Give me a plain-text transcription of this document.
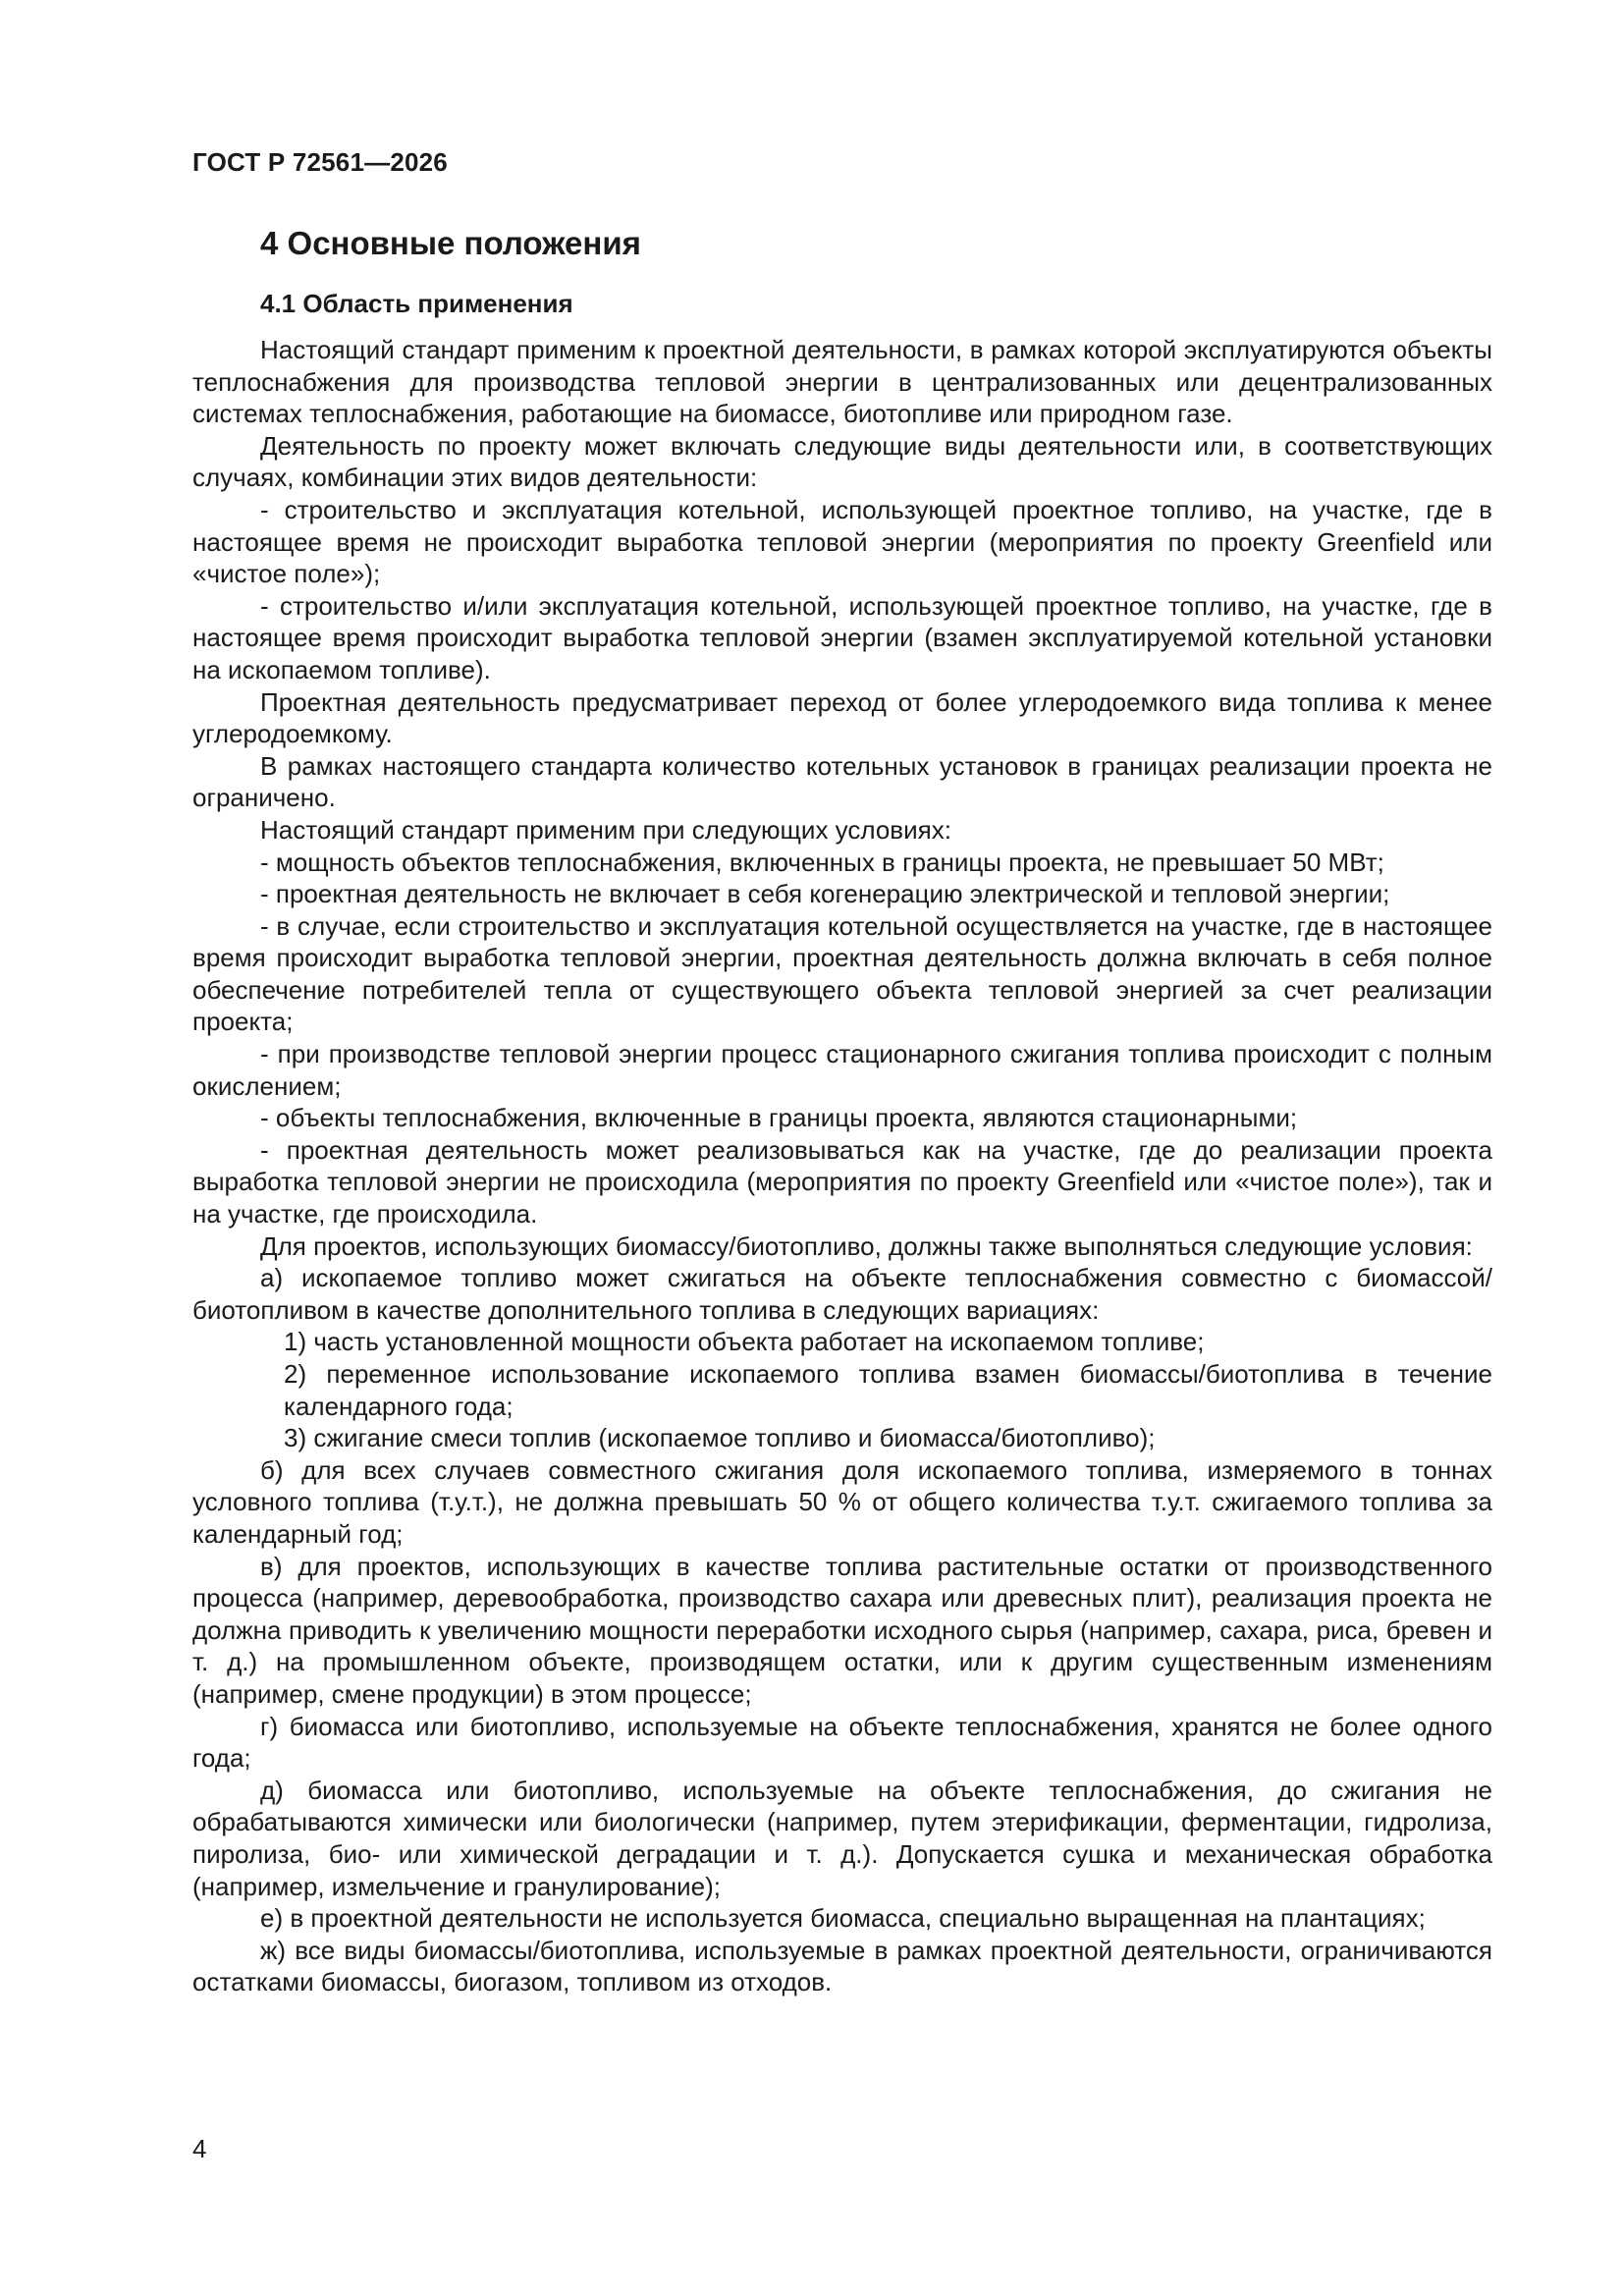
ГОСТ Р 72561—2026
4 Основные положения
4.1 Область применения

Настоящий стандарт применим к проектной деятельности, в рамках которой эксплуатируются объекты теплоснабжения для производства тепловой энергии в централизованных или децентрализованных системах теплоснабжения, работающие на биомассе, биотопливе или природном газе.

Деятельность по проекту может включать следующие виды деятельности или, в соответствующих случаях, комбинации этих видов деятельности:

- строительство и эксплуатация котельной, использующей проектное топливо, на участке, где в настоящее время не происходит выработка тепловой энергии (мероприятия по проекту Greenfield или «чистое поле»);

- строительство и/или эксплуатация котельной, использующей проектное топливо, на участке, где в настоящее время происходит выработка тепловой энергии (взамен эксплуатируемой котельной установки на ископаемом топливе).

Проектная деятельность предусматривает переход от более углеродоемкого вида топлива к менее углеродоемкому.

В рамках настоящего стандарта количество котельных установок в границах реализации проекта не ограничено.

Настоящий стандарт применим при следующих условиях:

- мощность объектов теплоснабжения, включенных в границы проекта, не превышает 50 МВт;

- проектная деятельность не включает в себя когенерацию электрической и тепловой энергии;

- в случае, если строительство и эксплуатация котельной осуществляется на участке, где в настоящее время происходит выработка тепловой энергии, проектная деятельность должна включать в себя полное обеспечение потребителей тепла от существующего объекта тепловой энергией за счет реализации проекта;

- при производстве тепловой энергии процесс стационарного сжигания топлива происходит с полным окислением;

- объекты теплоснабжения, включенные в границы проекта, являются стационарными;

- проектная деятельность может реализовываться как на участке, где до реализации проекта выработка тепловой энергии не происходила (мероприятия по проекту Greenfield или «чистое поле»), так и на участке, где происходила.

Для проектов, использующих биомассу/биотопливо, должны также выполняться следующие условия:

а) ископаемое топливо может сжигаться на объекте теплоснабжения совместно с биомассой/ биотопливом в качестве дополнительного топлива в следующих вариациях:

1) часть установленной мощности объекта работает на ископаемом топливе;

2) переменное использование ископаемого топлива взамен биомассы/биотоплива в течение календарного года;

3) сжигание смеси топлив (ископаемое топливо и биомасса/биотопливо);

б) для всех случаев совместного сжигания доля ископаемого топлива, измеряемого в тоннах условного топлива (т.у.т.), не должна превышать 50 % от общего количества т.у.т. сжигаемого топлива за календарный год;

в) для проектов, использующих в качестве топлива растительные остатки от производственного процесса (например, деревообработка, производство сахара или древесных плит), реализация проекта не должна приводить к увеличению мощности переработки исходного сырья (например, сахара, риса, бревен и т. д.) на промышленном объекте, производящем остатки, или к другим существенным изменениям (например, смене продукции) в этом процессе;

г) биомасса или биотопливо, используемые на объекте теплоснабжения, хранятся не более одного года;

д) биомасса или биотопливо, используемые на объекте теплоснабжения, до сжигания не обрабатываются химически или биологически (например, путем этерификации, ферментации, гидролиза, пиролиза, био- или химической деградации и т. д.). Допускается сушка и механическая обработка (например, измельчение и гранулирование);

е) в проектной деятельности не используется биомасса, специально выращенная на плантациях;

ж) все виды биомассы/биотоплива, используемые в рамках проектной деятельности, ограничиваются остатками биомассы, биогазом, топливом из отходов.

4
